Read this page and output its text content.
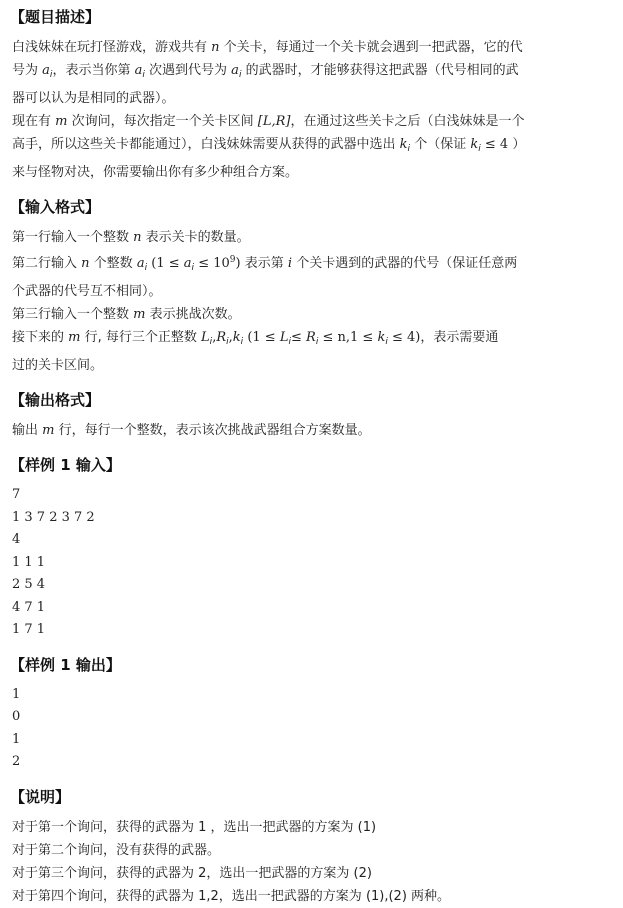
【题目描述】

白浅妹妹在玩打怪游戏，游戏共有 n 个关卡，每通过一个关卡就会遇到一把武器，它的代

号为 $a_i$，表示当你第 $a_i$ 次遇到代号为 $a_i$ 的武器时，才能够获得这把武器（代号相同的武

器可以认为是相同的武器）。

现在有 m 次询问，每次指定一个关卡区间 [L,R]，在通过这些关卡之后（白浅妹妹是一个

高手，所以这些关卡都能通过），白浅妹妹需要从获得的武器中选出 $k_i$ 个（保证 $k_i \le 4$ ）

来与怪物对决，你需要输出你有多少种组合方案。

【输入格式】

第一行输入一个整数 n 表示关卡的数量。

第二行输入 n 个整数 $a_i$ $(1 \le a_i \le 10^9)$ 表示第 i 个关卡遇到的武器的代号（保证任意两

个武器的代号互不相同）。

第三行输入一个整数 m 表示挑战次数。

接下来的 m 行, 每行三个正整数 $L_i,R_i,k_i$ $(1 \le L_i\le R_i \le n,1 \le k_i \le 4)$，表示需要通

过的关卡区间。

【输出格式】

输出 m 行，每行一个整数，表示该次挑战武器组合方案数量。

【样例 1 输入】
7
1 3 7 2 3 7 2
4
1 1 1
2 5 4
4 7 1
1 7 1
【样例 1 输出】
1
0
1
2
【说明】

对于第一个询问，获得的武器为 1 ，选出一把武器的方案为 (1)

对于第二个询问，没有获得的武器。

对于第三个询问，获得的武器为 2，选出一把武器的方案为 (2)

对于第四个询问，获得的武器为 1,2，选出一把武器的方案为 (1),(2) 两种。
